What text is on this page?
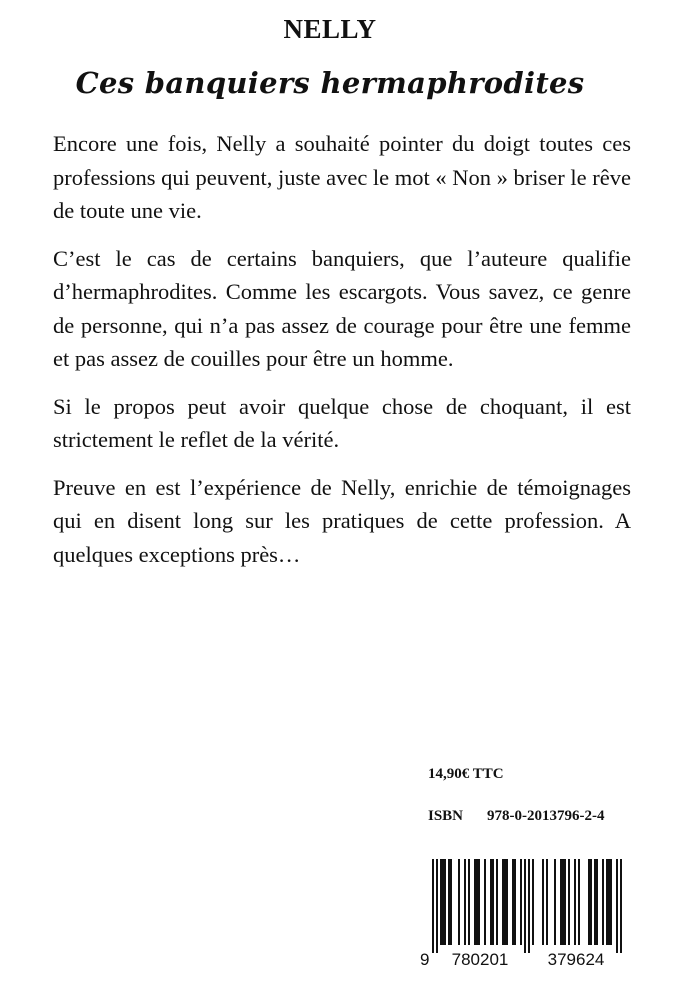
NELLY
Ces banquiers hermaphrodites

Encore une fois, Nelly a souhaité pointer du doigt toutes ces professions qui peuvent, juste avec le mot « Non » briser le rêve de toute une vie.

C’est le cas de certains banquiers, que l’auteure qualifie d’hermaphrodites. Comme les escargots. Vous savez, ce genre de personne, qui n’a pas assez de courage pour être une femme et pas assez de couilles pour être un homme.

Si le propos peut avoir quelque chose de choquant, il est strictement le reflet de la vérité.

Preuve en est l’expérience de Nelly, enrichie de témoignages qui en disent long sur les pratiques de cette profession. A quelques exceptions près…

14,90€ TTC
ISBN 978-0-2013796-2-4
9 780201 379624
